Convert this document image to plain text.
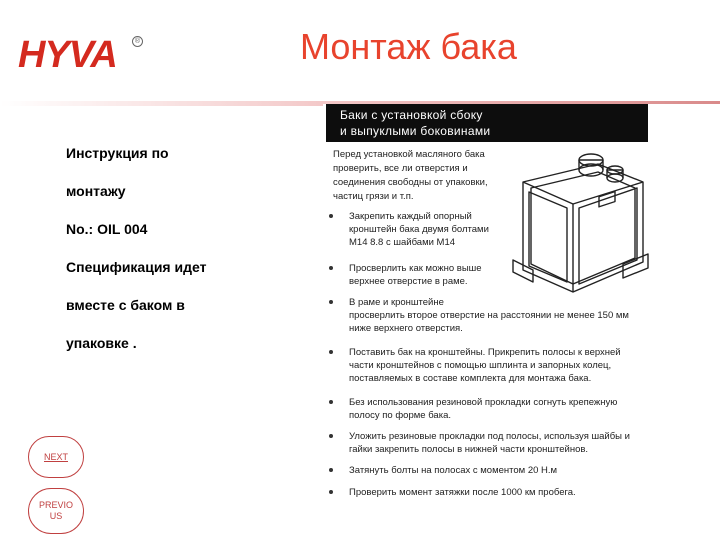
HYVA	®	Монтаж бака

Инструкция по

монтажу

No.: OIL 004

Спецификация идет

вместе с баком в

упаковке .

NEXT
PREVIO
US
Баки с установкой сбоку
и выпуклыми боковинами
Перед установкой масляного бака
проверить, все ли отверстия и
соединения свободны от упаковки,
частиц грязи и т.п.
Закрепить каждый опорный
кронштейн бака двумя болтами
M14 8.8 с шайбами M14
Просверлить как можно выше
верхнее отверстие в раме.
В раме и кронштейне
просверлить второе отверстие на расстоянии не менее 150 мм
ниже верхнего отверстия.
Поставить бак на кронштейны. Прикрепить полосы к верхней
части кронштейнов с помощью шплинта и запорных колец,
поставляемых в составе комплекта для монтажа бака.
Без использования резиновой прокладки согнуть крепежную
полосу по форме бака.
Уложить резиновые прокладки под полосы, используя шайбы и
гайки закрепить полосы в нижней части кронштейнов.
Затянуть болты на полосах с моментом 20 Н.м
Проверить момент затяжки после 1000 км пробега.
